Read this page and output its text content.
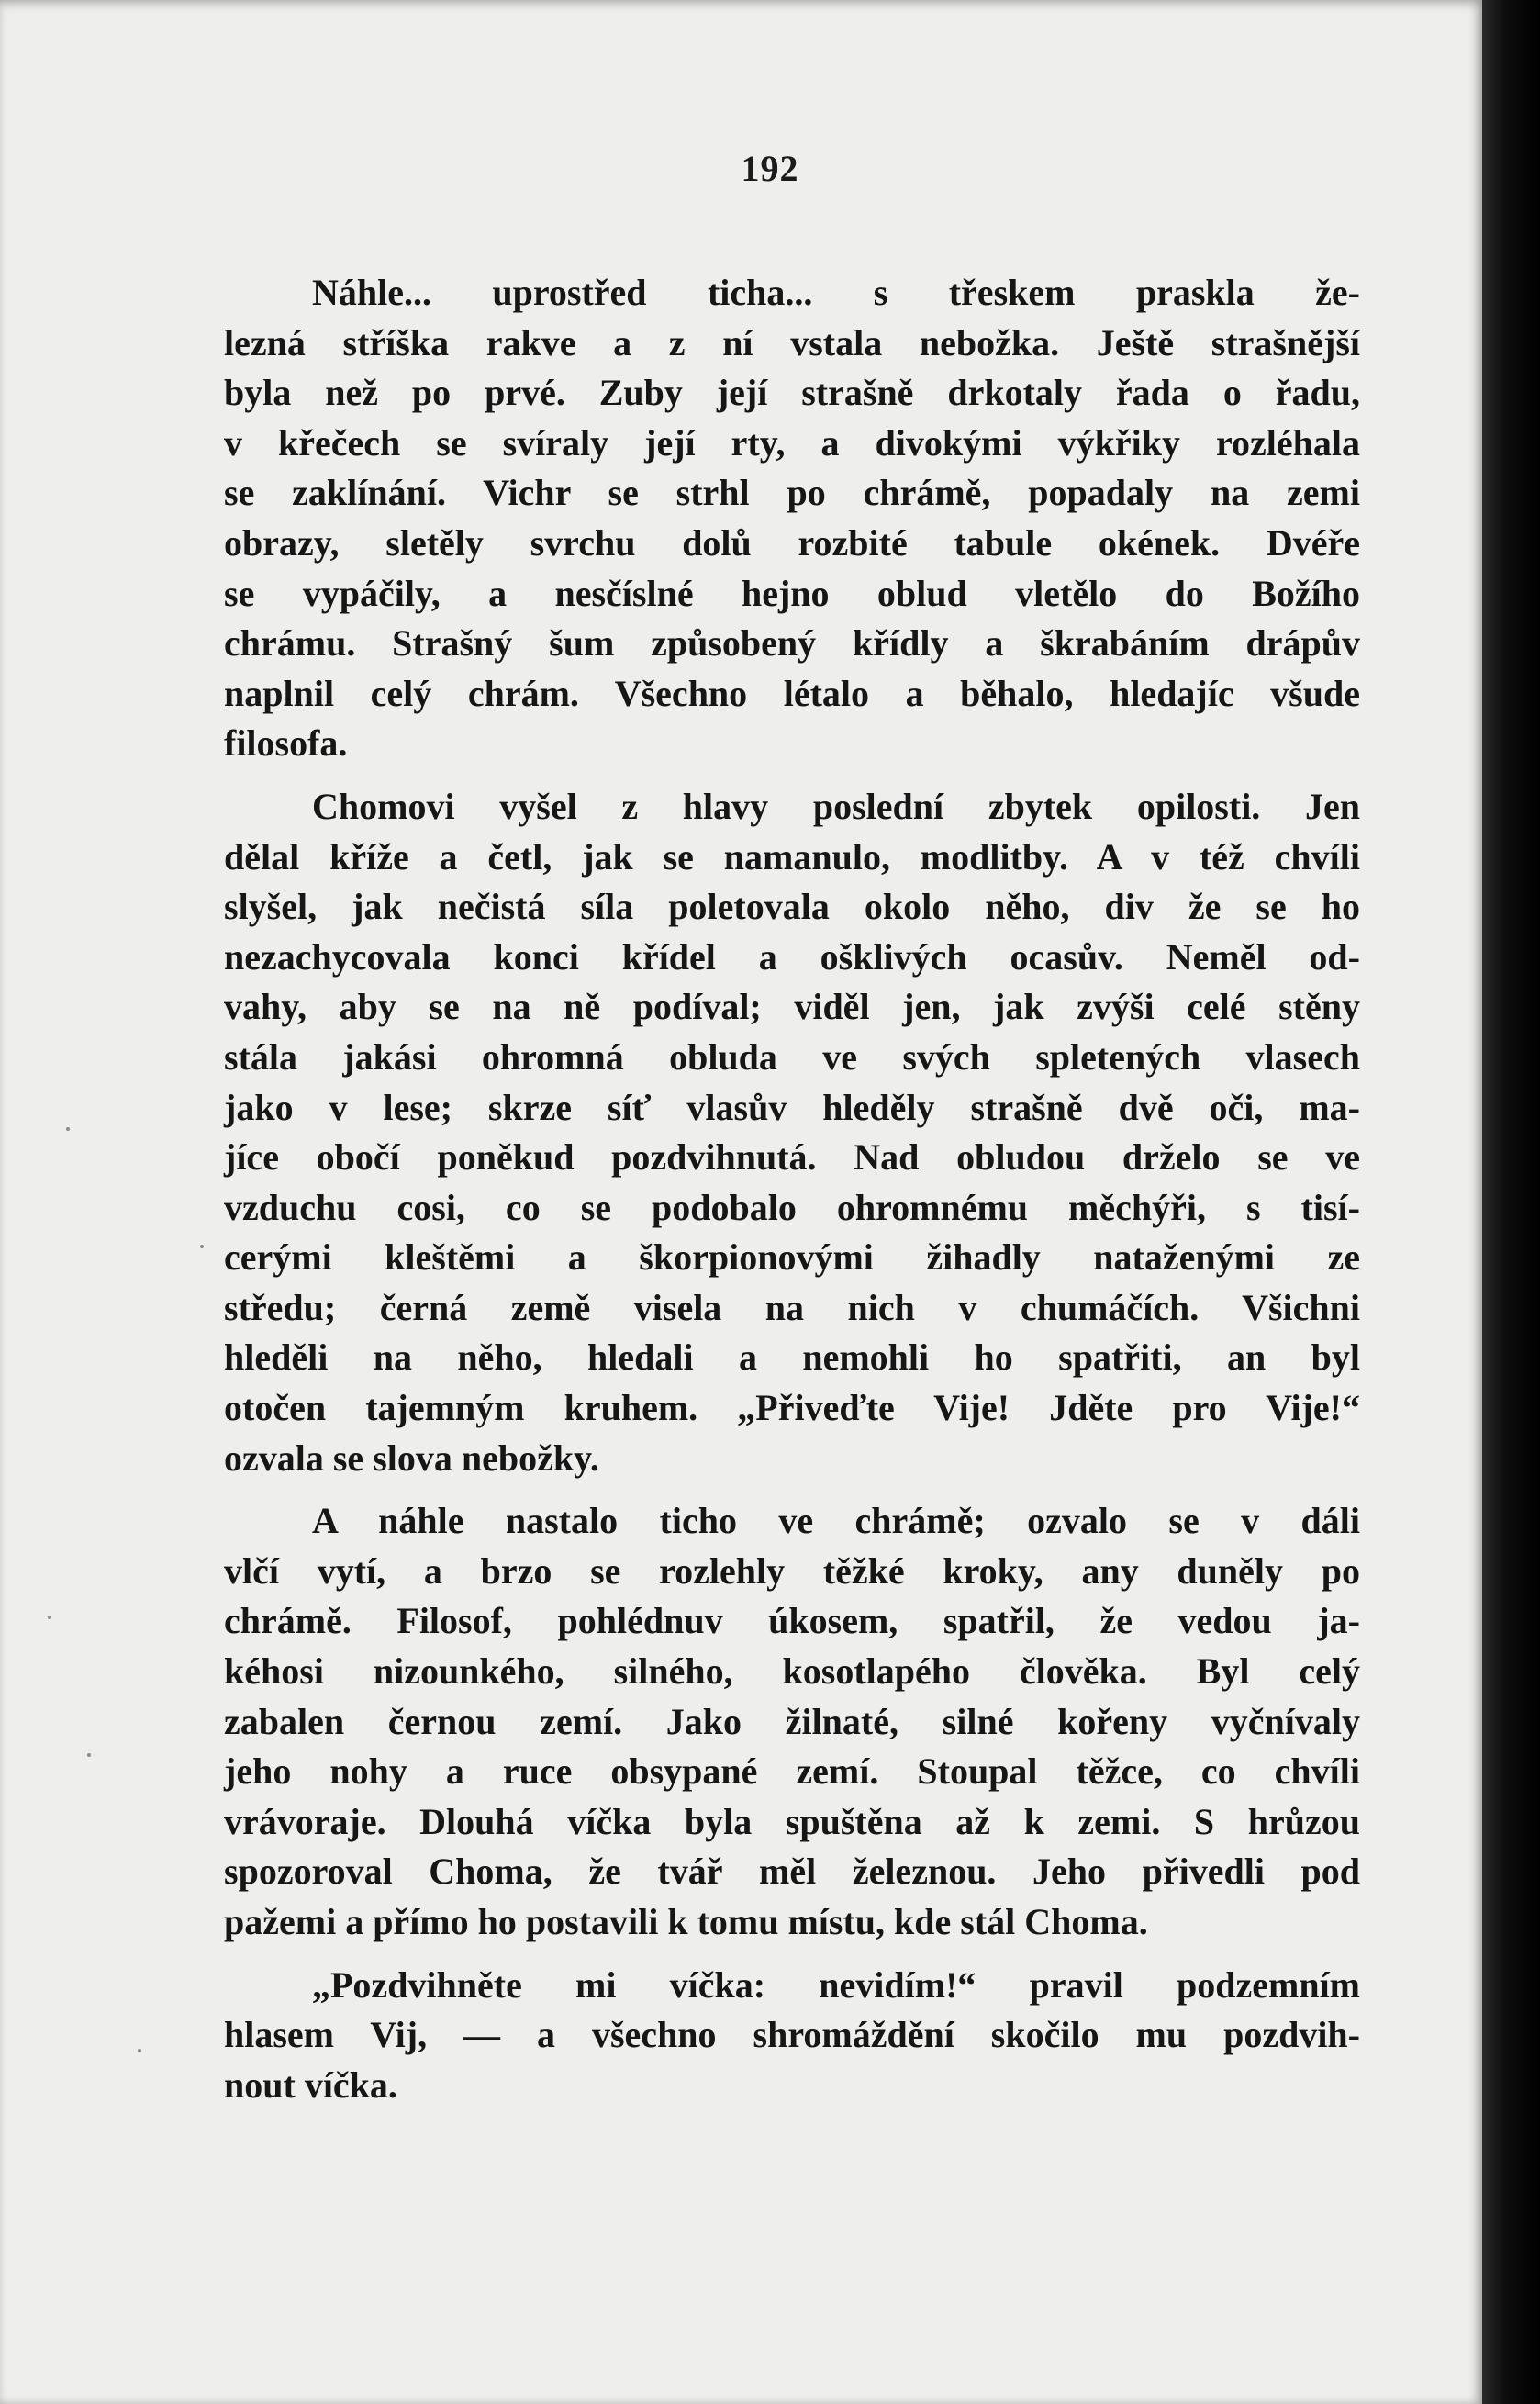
192
Náhle... uprostřed ticha... s třeskem praskla že-
lezná stříška rakve a z ní vstala nebožka. Ještě strašnější
byla než po prvé. Zuby její strašně drkotaly řada o řadu,
v křečech se svíraly její rty, a divokými výkřiky rozléhala
se zaklínání. Vichr se strhl po chrámě, popadaly na zemi
obrazy, sletěly svrchu dolů rozbité tabule okének. Dvéře
se vypáčily, a nesčíslné hejno oblud vletělo do Božího
chrámu. Strašný šum způsobený křídly a škrabáním drápův
naplnil celý chrám. Všechno létalo a běhalo, hledajíc všude
filosofa.
Chomovi vyšel z hlavy poslední zbytek opilosti. Jen
dělal kříže a četl, jak se namanulo, modlitby. A v též chvíli
slyšel, jak nečistá síla poletovala okolo něho, div že se ho
nezachycovala konci křídel a ošklivých ocasův. Neměl od-
vahy, aby se na ně podíval; viděl jen, jak zvýši celé stěny
stála jakási ohromná obluda ve svých spletených vlasech
jako v lese; skrze síť vlasův hleděly strašně dvě oči, ma-
jíce obočí poněkud pozdvihnutá. Nad obludou drželo se ve
vzduchu cosi, co se podobalo ohromnému měchýři, s tisí-
cerými kleštěmi a škorpionovými žihadly nataženými ze
středu; černá země visela na nich v chumáčích. Všichni
hleděli na něho, hledali a nemohli ho spatřiti, an byl
otočen tajemným kruhem. „Přiveďte Vije! Jděte pro Vije!“
ozvala se slova nebožky.
A náhle nastalo ticho ve chrámě; ozvalo se v dáli
vlčí vytí, a brzo se rozlehly těžké kroky, any duněly po
chrámě. Filosof, pohlédnuv úkosem, spatřil, že vedou ja-
kéhosi nizounkého, silného, kosotlapého člověka. Byl celý
zabalen černou zemí. Jako žilnaté, silné kořeny vyčnívaly
jeho nohy a ruce obsypané zemí. Stoupal těžce, co chvíli
vrávoraje. Dlouhá víčka byla spuštěna až k zemi. S hrůzou
spozoroval Choma, že tvář měl železnou. Jeho přivedli pod
pažemi a přímo ho postavili k tomu místu, kde stál Choma.
„Pozdvihněte mi víčka: nevidím!“ pravil podzemním
hlasem Vij, — a všechno shromáždění skočilo mu pozdvih-
nout víčka.
